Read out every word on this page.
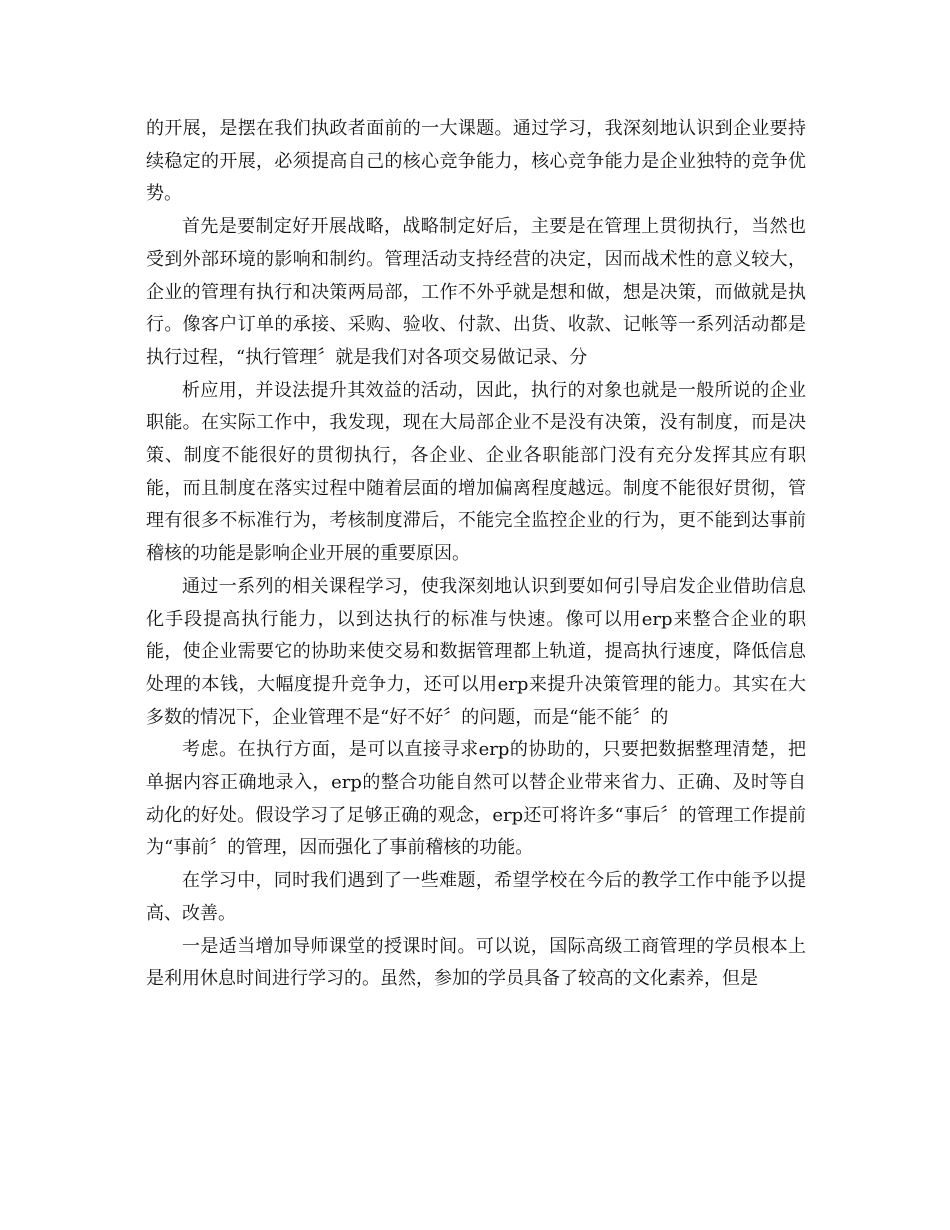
的开展，是摆在我们执政者面前的一大课题。通过学习，我深刻地认识到企业要持续稳定的开展，必须提高自己的核心竞争能力，核心竞争能力是企业独特的竞争优势。

首先是要制定好开展战略，战略制定好后，主要是在管理上贯彻执行，当然也受到外部环境的影响和制约。管理活动支持经营的决定，因而战术性的意义较大，企业的管理有执行和决策两局部，工作不外乎就是想和做，想是决策，而做就是执行。像客户订单的承接、采购、验收、付款、出货、收款、记帐等一系列活动都是执行过程，“执行管理〞就是我们对各项交易做记录、分

析应用，并设法提升其效益的活动，因此，执行的对象也就是一般所说的企业职能。在实际工作中，我发现，现在大局部企业不是没有决策，没有制度，而是决策、制度不能很好的贯彻执行，各企业、企业各职能部门没有充分发挥其应有职能，而且制度在落实过程中随着层面的增加偏离程度越远。制度不能很好贯彻，管理有很多不标准行为，考核制度滞后，不能完全监控企业的行为，更不能到达事前稽核的功能是影响企业开展的重要原因。

通过一系列的相关课程学习，使我深刻地认识到要如何引导启发企业借助信息化手段提高执行能力，以到达执行的标准与快速。像可以用erp来整合企业的职能，使企业需要它的协助来使交易和数据管理都上轨道，提高执行速度，降低信息处理的本钱，大幅度提升竞争力，还可以用erp来提升决策管理的能力。其实在大多数的情况下，企业管理不是“好不好〞的问题，而是“能不能〞的

考虑。在执行方面，是可以直接寻求erp的协助的，只要把数据整理清楚，把单据内容正确地录入，erp的整合功能自然可以替企业带来省力、正确、及时等自动化的好处。假设学习了足够正确的观念，erp还可将许多“事后〞的管理工作提前为“事前〞的管理，因而强化了事前稽核的功能。

在学习中，同时我们遇到了一些难题，希望学校在今后的教学工作中能予以提高、改善。

一是适当增加导师课堂的授课时间。可以说，国际高级工商管理的学员根本上是利用休息时间进行学习的。虽然，参加的学员具备了较高的文化素养，但是
